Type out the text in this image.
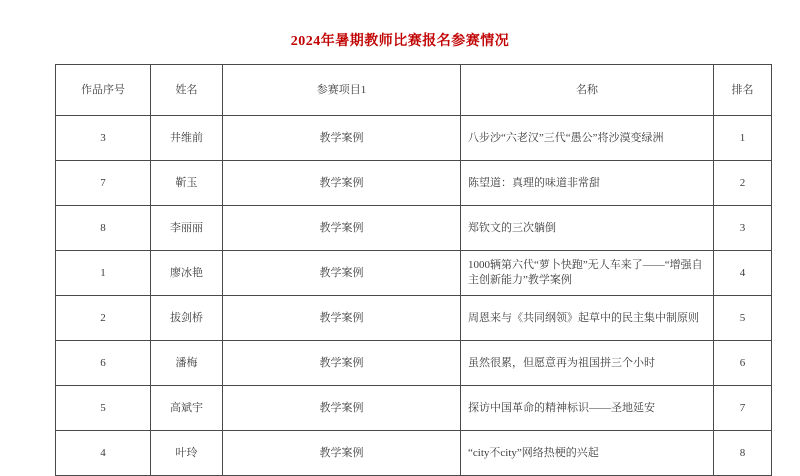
2024年暑期教师比赛报名参赛情况
作品序号	姓名	参赛项目1	名称	排名
3	井维前	教学案例	八步沙“六老汉”三代“愚公”将沙漠变绿洲	1
7	靳玉	教学案例	陈望道：真理的味道非常甜	2
8	李丽丽	教学案例	郑钦文的三次躺倒	3
1	廖冰艳	教学案例	1000辆第六代“萝卜快跑”无人车来了——“增强自主创新能力”教学案例	4
2	拔剑桥	教学案例	周恩来与《共同纲领》起草中的民主集中制原则	5
6	潘梅	教学案例	虽然很累，但愿意再为祖国拼三个小时	6
5	高斌宇	教学案例	探访中国革命的精神标识——圣地延安	7
4	叶玲	教学案例	“city不city”网络热梗的兴起	8
